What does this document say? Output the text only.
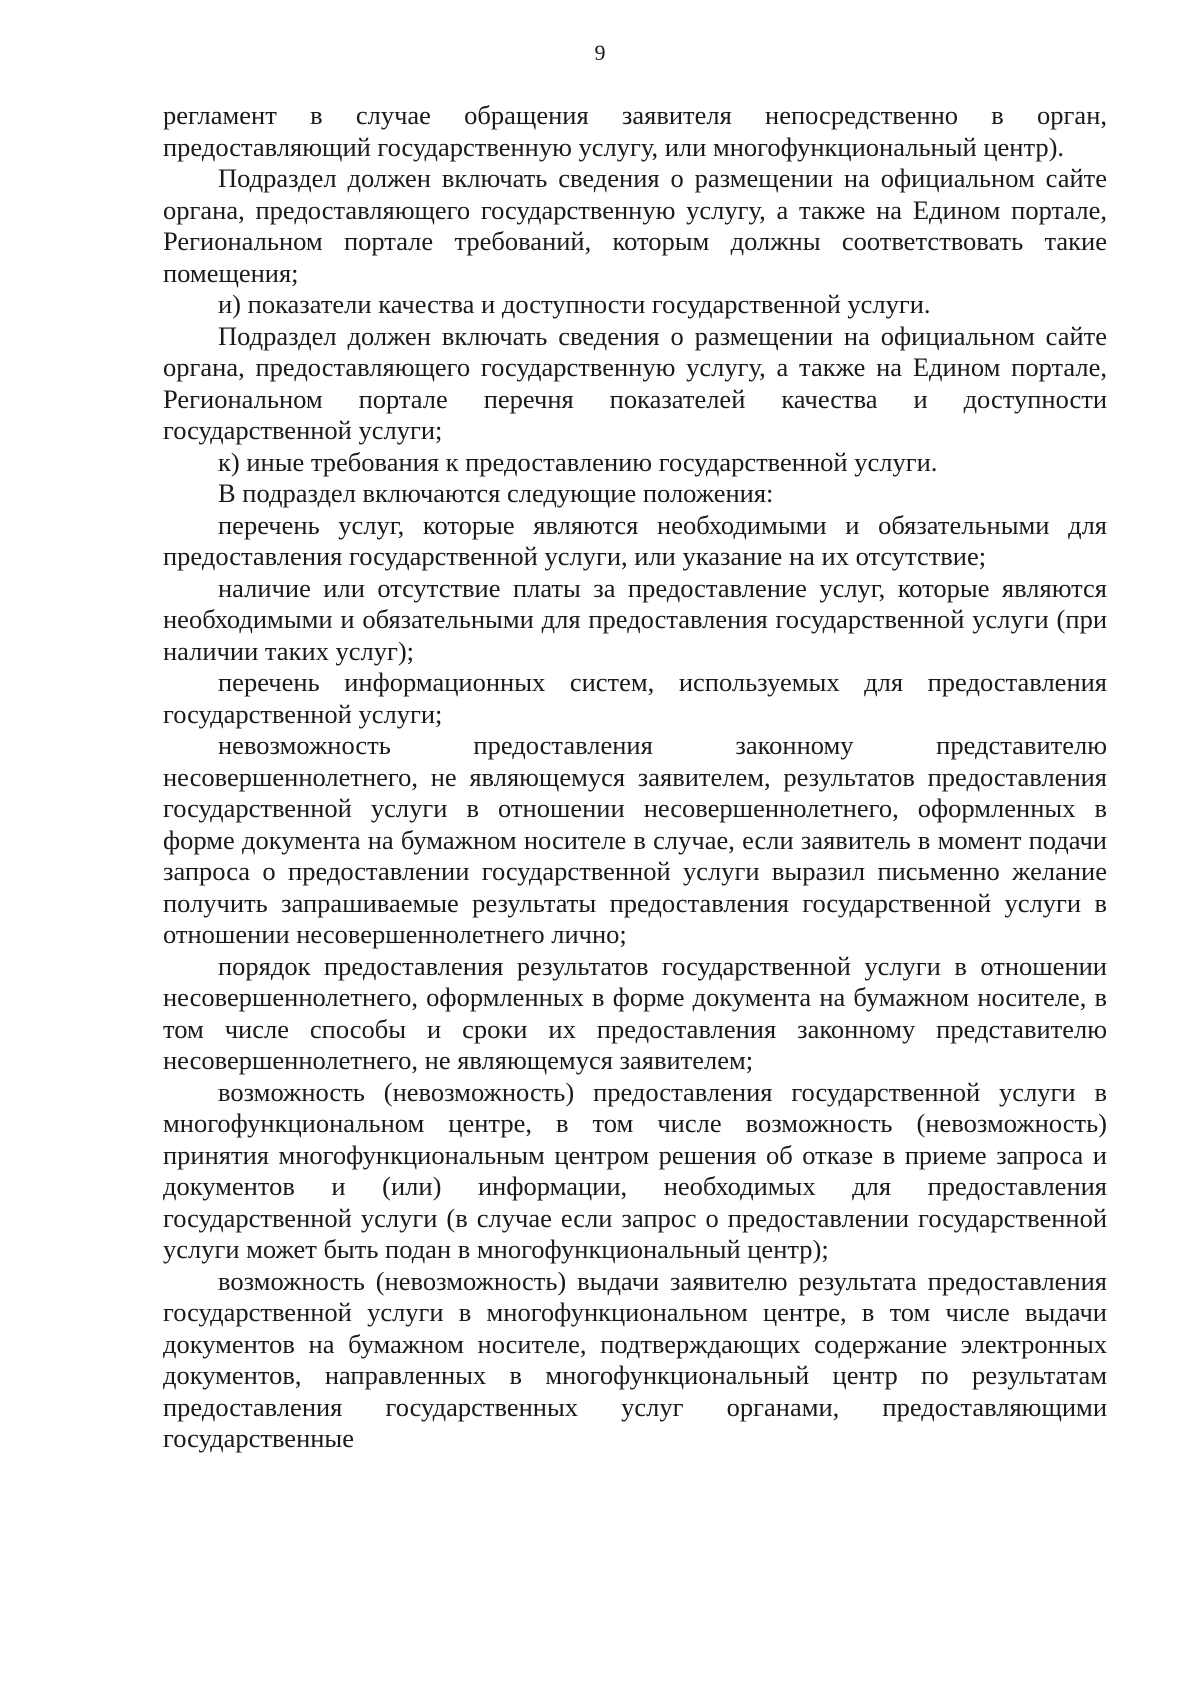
9

регламент в случае обращения заявителя непосредственно в орган, предоставляющий государственную услугу, или многофункциональный центр).

Подраздел должен включать сведения о размещении на официальном сайте органа, предоставляющего государственную услугу, а также на Едином портале, Региональном портале требований, которым должны соответствовать такие помещения;

и) показатели качества и доступности государственной услуги.

Подраздел должен включать сведения о размещении на официальном сайте органа, предоставляющего государственную услугу, а также на Едином портале, Региональном портале перечня показателей качества и доступности государственной услуги;

к) иные требования к предоставлению государственной услуги.

В подраздел включаются следующие положения:

перечень услуг, которые являются необходимыми и обязательными для предоставления государственной услуги, или указание на их отсутствие;

наличие или отсутствие платы за предоставление услуг, которые являются необходимыми и обязательными для предоставления государственной услуги (при наличии таких услуг);

перечень информационных систем, используемых для предоставления государственной услуги;

невозможность предоставления законному представителю несовершеннолетнего, не являющемуся заявителем, результатов предоставления государственной услуги в отношении несовершеннолетнего, оформленных в форме документа на бумажном носителе в случае, если заявитель в момент подачи запроса о предоставлении государственной услуги выразил письменно желание получить запрашиваемые результаты предоставления государственной услуги в отношении несовершеннолетнего лично;

порядок предоставления результатов государственной услуги в отношении несовершеннолетнего, оформленных в форме документа на бумажном носителе, в том числе способы и сроки их предоставления законному представителю несовершеннолетнего, не являющемуся заявителем;

возможность (невозможность) предоставления государственной услуги в многофункциональном центре, в том числе возможность (невозможность) принятия многофункциональным центром решения об отказе в приеме запроса и документов и (или) информации, необходимых для предоставления государственной услуги (в случае если запрос о предоставлении государственной услуги может быть подан в многофункциональный центр);

возможность (невозможность) выдачи заявителю результата предоставления государственной услуги в многофункциональном центре, в том числе выдачи документов на бумажном носителе, подтверждающих содержание электронных документов, направленных в многофункциональный центр по результатам предоставления государственных услуг органами, предоставляющими государственные
